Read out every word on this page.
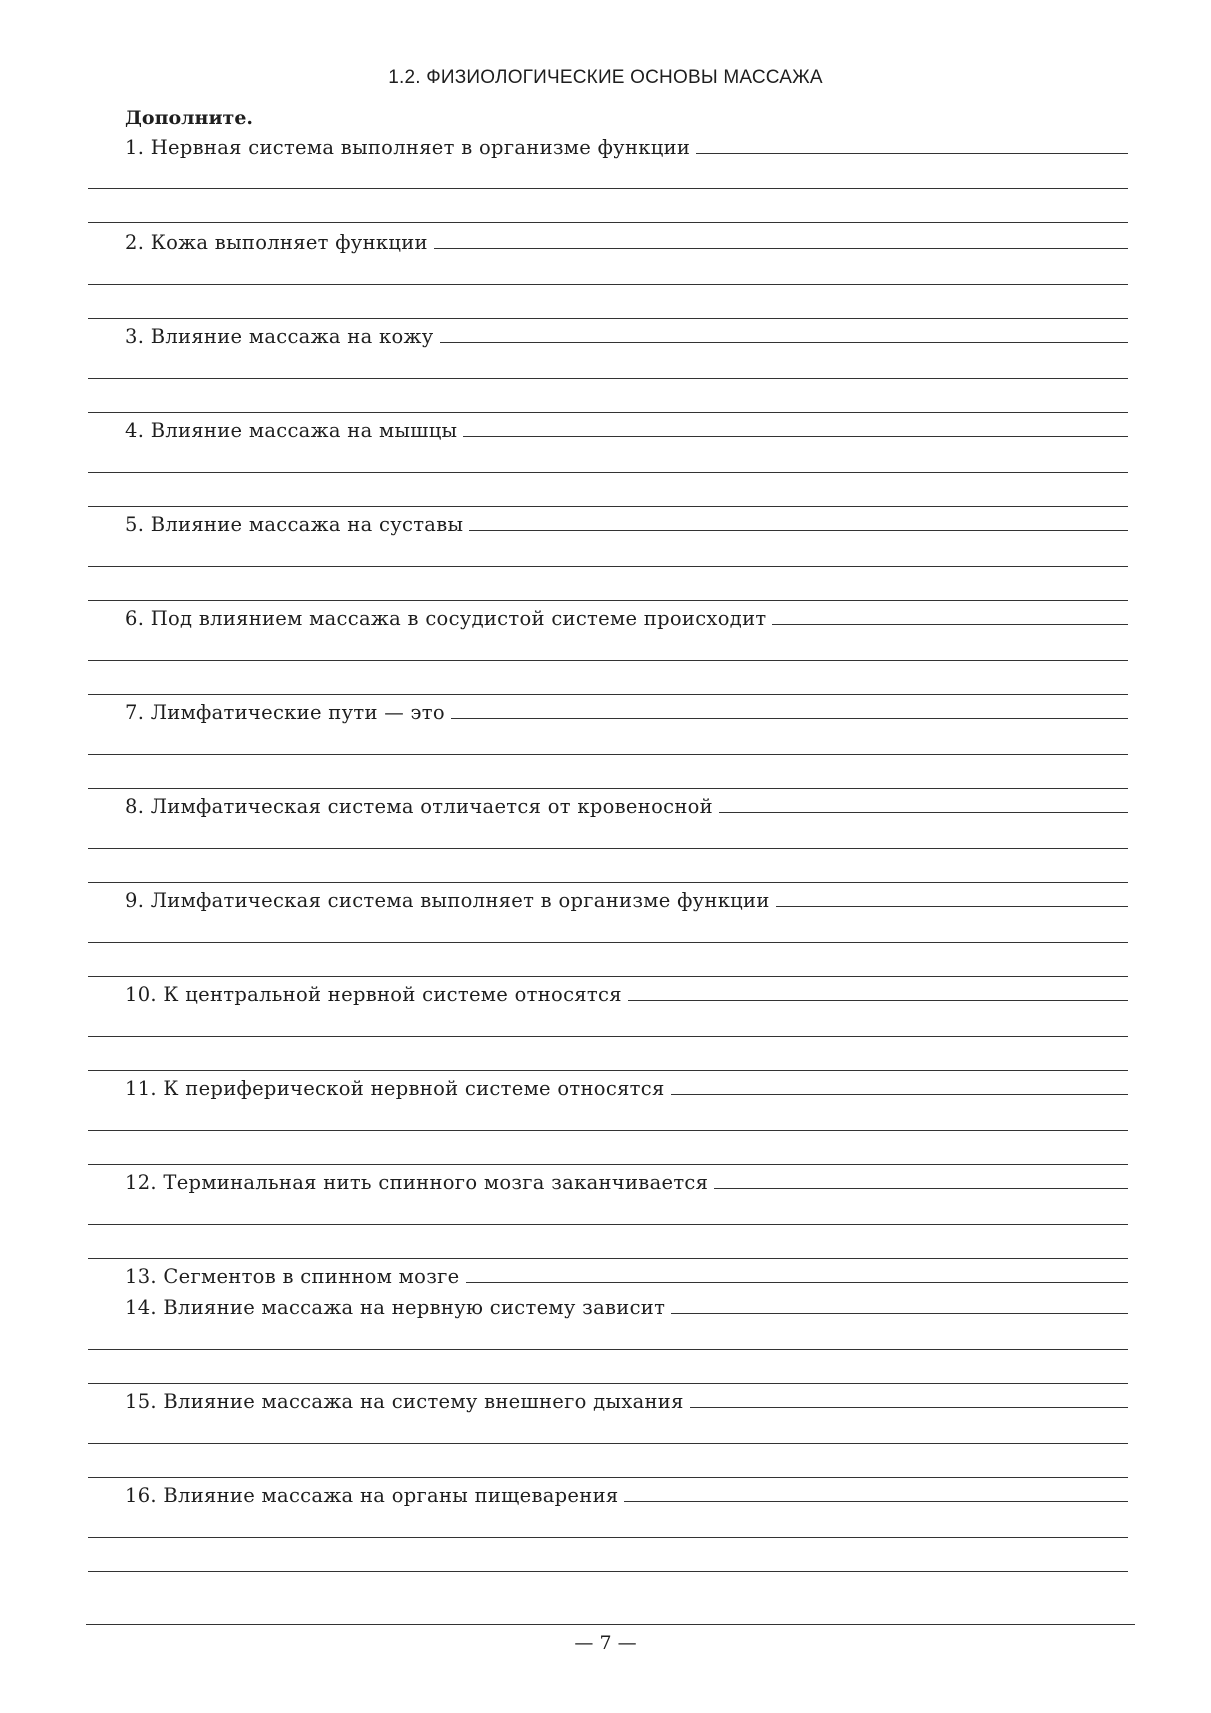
1.2. ФИЗИОЛОГИЧЕСКИЕ ОСНОВЫ МАССАЖА

Дополните.

1. Нервная система выполняет в организме функции
2. Кожа выполняет функции
3. Влияние массажа на кожу
4. Влияние массажа на мышцы
5. Влияние массажа на суставы
6. Под влиянием массажа в сосудистой системе происходит
7. Лимфатические пути — это
8. Лимфатическая система отличается от кровеносной
9. Лимфатическая система выполняет в организме функции
10. К центральной нервной системе относятся
11. К периферической нервной системе относятся
12. Терминальная нить спинного мозга заканчивается
13. Сегментов в спинном мозге
14. Влияние массажа на нервную систему зависит
15. Влияние массажа на систему внешнего дыхания
16. Влияние массажа на органы пищеварения
— 7 —
